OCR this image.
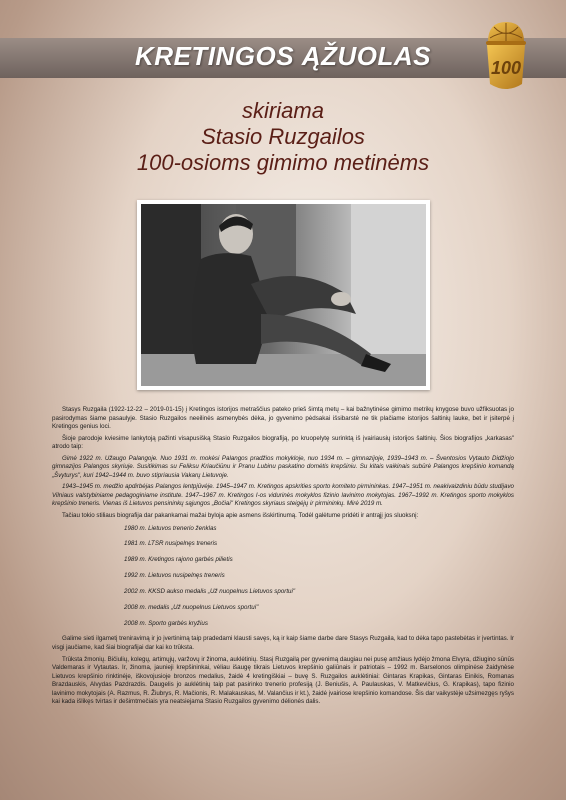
KRETINGOS ĄŽUOLAS	100
skiriama
Stasio Ruzgailos
100-osioms gimimo metinėms

Stasys Ruzgaila (1922-12-22 – 2019-01-15) į Kretingos istorijos metraščius pateko prieš šimtą metų – kai bažnytinėse gimimo metrikų knygose buvo užfiksuotas jo pasirodymas šiame pasaulyje. Stasio Ruzgailos neeilinės asmenybės dėka, jo gyvenimo pėdsakai išsibarstė ne tik plačiame istorijos šaltinių lauke, bet ir įsiterpė į Kretingos genius loci.

Šioje parodoje kviesime lankytoją pažinti visapusišką Stasio Ruzgailos biografiją, po kruopelytę surinktą iš įvairiausių istorijos šaltinių. Šios biografijos „karkasas" atrodo taip:

Gimė 1922 m. Užaugo Palangoje. Nuo 1931 m. mokėsi Palangos pradžios mokykloje, nuo 1934 m. – gimnazijoje, 1939–1943 m. – Šventosios Vytauto Didžiojo gimnazijos Palangos skyriuje. Susitikimas su Feliksu Kriaučiūnu ir Pranu Lubinu paskatino domėtis krepšiniu. Su kitais vaikinais subūrė Palangos krepšinio komandą „Švyturys", kuri 1942–1944 m. buvo stipriausia Vakarų Lietuvoje.

1943–1945 m. medžio apdirbėjas Palangos lentpjūvėje. 1945–1947 m. Kretingos apskrities sporto komiteto pirmininkas. 1947–1951 m. neakivaizdiniu būdu studijavo Vilniaus valstybiniame pedagoginiame institute. 1947–1967 m. Kretingos I-os vidurinės mokyklos fizinio lavinimo mokytojas. 1967–1992 m. Kretingos sporto mokyklos krepšinio treneris. Vienas iš Lietuvos pensininkų sąjungos „Bočiai" Kretingos skyriaus steigėjų ir pirmininkų. Mirė 2019 m.

Tačiau tokio stiliaus biografija dar pakankamai mažai byloja apie asmens išskirtinumą. Todėl galėtume pridėti ir antrąjį jos sluoksnį:

1980 m. Lietuvos trenerio ženklas
1981 m. LTSR nusipelnęs treneris
1989 m. Kretingos rajono garbės pilietis
1992 m. Lietuvos nusipelnęs treneris
2002 m. KKSD aukso medalis „Už nuopelnus Lietuvos sportui"
2008 m. medalis „Už nuopelnus Lietuvos sportui"
2008 m. Sporto garbės kryžius

Galime sieti ilgametį treniravimą ir jo įvertinimą taip pradedami klausti savęs, ką ir kaip šiame darbe dare Stasys Ruzgaila, kad to dėka tapo pastebėtas ir įvertintas. Ir visgi jaučiame, kad šiai biografijai dar kai ko trūksta.

Trūksta žmonių. Bičiulių, kolegų, artimųjų, varžovų ir žinoma, auklėtinių. Stasį Ruzgailą per gyvenimą daugiau nei pusę amžiaus lydėjo žmona Elvyra, džiugino sūnūs Valdemaras ir Vytautas. Ir, žinoma, jaunieji krepšininkai, vėliau išaugę tikrais Lietuvos krepšinio galiūnais ir patriotais – 1992 m. Barselonos olimpinėse žaidynėse Lietuvos krepšinio rinktinėje, iškovojusioje bronzos medalius, žaidė 4 kretingiškiai – buvę S. Ruzgailos auklėtiniai: Gintaras Krapikas, Gintaras Einikis, Romanas Brazdauskis, Alvydas Pazdrazdis. Daugelis jo auklėtinių taip pat pasirinko trenerio profesiją (J. Beniušis, A. Paulauskas, V. Matkevičius, G. Krapikas), tapo fizinio lavinimo mokytojais (A. Razmus, R. Žiubrys, R. Mačionis, R. Malakauskas, M. Valančius ir kt.), žaidė įvairiose krepšinio komandose. Šis dar vaikystėje užsimezgęs ryšys kai kada išlikęs tvirtas ir dešimtmečiais yra neatsiejama Stasio Ruzgailos gyvenimo dėlionės dalis.
